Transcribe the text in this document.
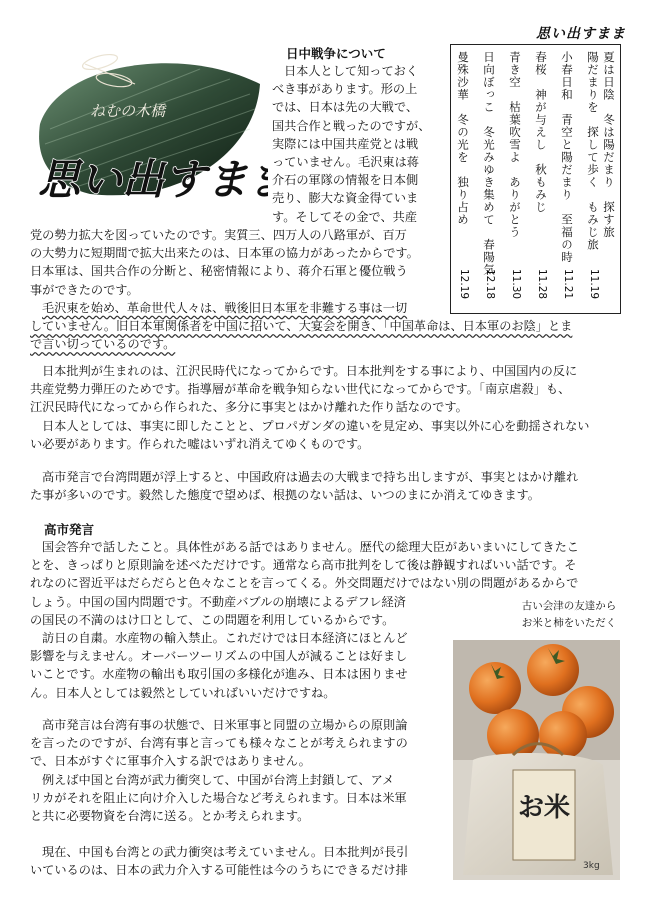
思い出すまま
ねむの木橋
思い出すまま
日中戦争について

日本人として知っておく

べき事があります。形の上

では、日本は先の大戦で、

国共合作と戦ったのですが、

実際には中国共産党とは戦

っていません。毛沢東は蒋

介石の軍隊の情報を日本側

売り、膨大な資金得ていま

す。そしてその金で、共産

党の勢力拡大を図っていたのです。実質三、四万人の八路軍が、百万

の大勢力に短期間で拡大出来たのは、日本軍の協力があったからです。

日本軍は、国共合作の分断と、秘密情報により、蒋介石軍と優位戦う

事ができたのです。

毛沢東を始め、革命世代人々は、戦後旧日本軍を非難する事は一切

していません。旧日本軍関係者を中国に招いて、大宴会を開き、「中国革命は、日本軍のお陰」とま

で言い切っているのです。

日本批判が生まれのは、江沢民時代になってからです。日本批判をする事により、中国国内の反に

共産党勢力弾圧のためです。指導層が革命を戦争知らない世代になってからです。「南京虐殺」も、

江沢民時代になってから作られた、多分に事実とはかけ離れた作り話なのです。

日本人としては、事実に即したことと、プロパガンダの違いを見定め、事実以外に心を動揺されない

い必要があります。作られた嘘はいずれ消えてゆくものです。

高市発言で台湾問題が浮上すると、中国政府は過去の大戦まで持ち出しますが、事実とはかけ離れ

た事が多いのです。毅然した態度で望めば、根拠のない話は、いつのまにか消えてゆきます。

高市発言

国会答弁で話したこと。具体性がある話ではありません。歴代の総理大臣があいまいにしてきたこ

とを、きっぱりと原則論を述べただけです。通常なら高市批判をして後は静観すればいい話です。そ

れなのに習近平はだらだらと色々なことを言ってくる。外交問題だけではない別の問題があるからで

しょう。中国の国内問題です。不動産バブルの崩壊によるデフレ経済

の国民の不満のはけ口として、この問題を利用しているからです。

訪日の自粛。水産物の輸入禁止。これだけでは日本経済にほとんど

影響を与えません。オーバーツーリズムの中国人が減ることは好まし

いことです。水産物の輸出も取引国の多様化が進み、日本は困りませ

ん。日本人としては毅然としていればいいだけですね。

高市発言は台湾有事の状態で、日米軍事と同盟の立場からの原則論

を言ったのですが、台湾有事と言っても様々なことが考えられますの

で、日本がすぐに軍事介入する訳ではありません。

例えば中国と台湾が武力衝突して、中国が台湾上封鎖して、アメ

リカがそれを阻止に向け介入した場合など考えられます。日本は米軍

と共に必要物資を台湾に送る。とか考えられます。

現在、中国も台湾との武力衝突は考えていません。日本批判が長引

いているのは、日本の武力介入する可能性は今のうちにできるだけ排

夏は日陰　冬は陽だまり　探す旅
陽だまりを　探して歩く　もみじ旅
11.19
小春日和　青空と陽だまり　至福の時
11.21
春桜　神が与えし　秋もみじ
11.28
青き空　枯葉吹雪よ　ありがとう
11.30
日向ぼっこ　冬光みゆき集めて　春陽気
12.18
曼殊沙華　冬の光を　独り占め
12.19
古い会津の友達から
お米と柿をいただく
お米
3kg
